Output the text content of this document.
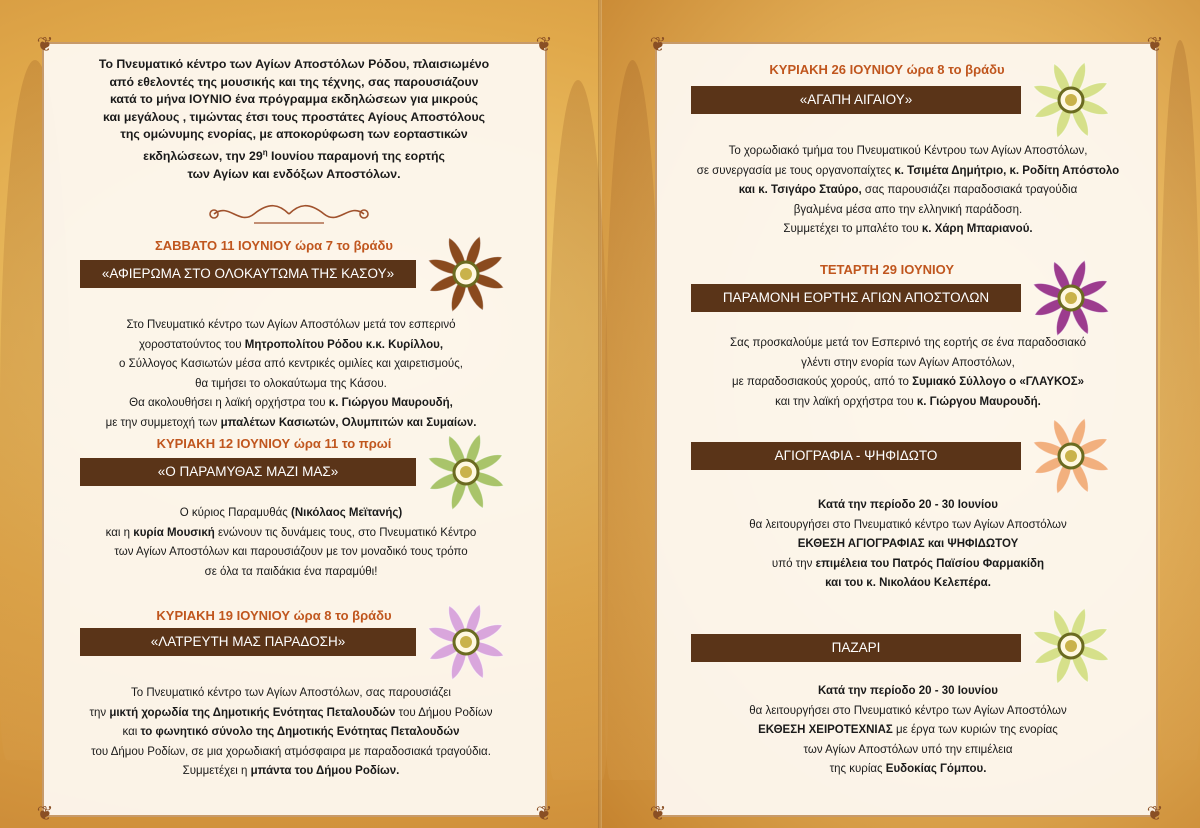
❦	❦
❦	❦
Το Πνευματικό κέντρο των Αγίων Αποστόλων Ρόδου, πλαισιωμένο
από εθελοντές της μουσικής και της τέχνης, σας παρουσιάζουν
κατά το μήνα ΙΟΥΝΙΟ ένα πρόγραμμα εκδηλώσεων για μικρούς
και μεγάλους , τιμώντας έτσι τους προστάτες Αγίους Αποστόλους
της ομώνυμης ενορίας, με αποκορύφωση των εορταστικών
εκδηλώσεων, την $29^\eta$ Ιουνίου παραμονή της εορτής
των Αγίων και ενδόξων Αποστόλων.
ΣΑΒΒΑΤΟ 11 ΙΟΥΝΙΟΥ ώρα 7 το βράδυ
«ΑΦΙΕΡΩΜΑ ΣΤΟ ΟΛΟΚΑΥΤΩΜΑ ΤΗΣ ΚΑΣΟΥ»
Στο Πνευματικό κέντρο των Αγίων Αποστόλων μετά τον εσπερινό
χοροστατούντος του Μητροπολίτου Ρόδου κ.κ. Κυρίλλου,
ο Σύλλογος Κασιωτών μέσα από κεντρικές ομιλίες και χαιρετισμούς,
θα τιμήσει το ολοκαύτωμα της Κάσου.
Θα ακολουθήσει η λαϊκή ορχήστρα του κ. Γιώργου Μαυρουδή,
με την συμμετοχή των μπαλέτων Κασιωτών, Ολυμπιτών και Συμαίων.
ΚΥΡΙΑΚΗ 12 ΙΟΥΝΙΟΥ ώρα 11 το πρωί
«Ο ΠΑΡΑΜΥΘΑΣ ΜΑΖΙ ΜΑΣ»
Ο κύριος Παραμυθάς (Νικόλαος Μεϊτανής)
και η κυρία Μουσική ενώνουν τις δυνάμεις τους, στο Πνευματικό Κέντρο
των Αγίων Αποστόλων και παρουσιάζουν με τον μοναδικό τους τρόπο
σε όλα τα παιδάκια ένα παραμύθι!
ΚΥΡΙΑΚΗ 19 ΙΟΥΝΙΟΥ ώρα 8 το βράδυ
«ΛΑΤΡΕΥΤΗ ΜΑΣ ΠΑΡΑΔΟΣΗ»
Το Πνευματικό κέντρο των Αγίων Αποστόλων, σας παρουσιάζει
την μικτή χορωδία της Δημοτικής Ενότητας Πεταλουδών του Δήμου Ροδίων
και το φωνητικό σύνολο της Δημοτικής Ενότητας Πεταλουδών
του Δήμου Ροδίων, σε μια χορωδιακή ατμόσφαιρα με παραδοσιακά τραγούδια.
Συμμετέχει η μπάντα του Δήμου Ροδίων.
❦	❦
❦	❦
ΚΥΡΙΑΚΗ 26 ΙΟΥΝΙΟΥ ώρα 8 το βράδυ
«ΑΓΑΠΗ ΑΙΓΑΙΟΥ»
Το χορωδιακό τμήμα του Πνευματικού Κέντρου των Αγίων Αποστόλων,
σε συνεργασία με τους οργανοπαίχτες κ. Τσιμέτα Δημήτριο, κ. Ροδίτη Απόστολο
και κ. Τσιγάρο Σταύρο, σας παρουσιάζει παραδοσιακά τραγούδια
βγαλμένα μέσα απο την ελληνική παράδοση.
Συμμετέχει το μπαλέτο του κ. Χάρη Μπαριανού.
ΤΕΤΑΡΤΗ 29 ΙΟΥΝΙΟΥ
ΠΑΡΑΜΟΝΗ ΕΟΡΤΗΣ ΑΓΙΩΝ ΑΠΟΣΤΟΛΩΝ
Σας προσκαλούμε μετά τον Εσπερινό της εορτής σε ένα παραδοσιακό
γλέντι στην ενορία των Αγίων Αποστόλων,
με παραδοσιακούς χορούς, από το Συμιακό Σύλλογο ο «ΓΛΑΥΚΟΣ»
και την λαϊκή ορχήστρα του κ. Γιώργου Μαυρουδή.
ΑΓΙΟΓΡΑΦΙΑ - ΨΗΦΙΔΩΤΟ
Κατά την περίοδο 20 - 30 Ιουνίου
θα λειτουργήσει στο Πνευματικό κέντρο των Αγίων Αποστόλων
ΕΚΘΕΣΗ ΑΓΙΟΓΡΑΦΙΑΣ και ΨΗΦΙΔΩΤΟΥ
υπό την επιμέλεια του Πατρός Παϊσίου Φαρμακίδη
και του κ. Νικολάου Κελεπέρα.
ΠΑΖΑΡΙ
Κατά την περίοδο 20 - 30 Ιουνίου
θα λειτουργήσει στο Πνευματικό κέντρο των Αγίων Αποστόλων
ΕΚΘΕΣΗ ΧΕΙΡΟΤΕΧΝΙΑΣ με έργα των κυριών της ενορίας
των Αγίων Αποστόλων υπό την επιμέλεια
της κυρίας Ευδοκίας Γόμπου.
